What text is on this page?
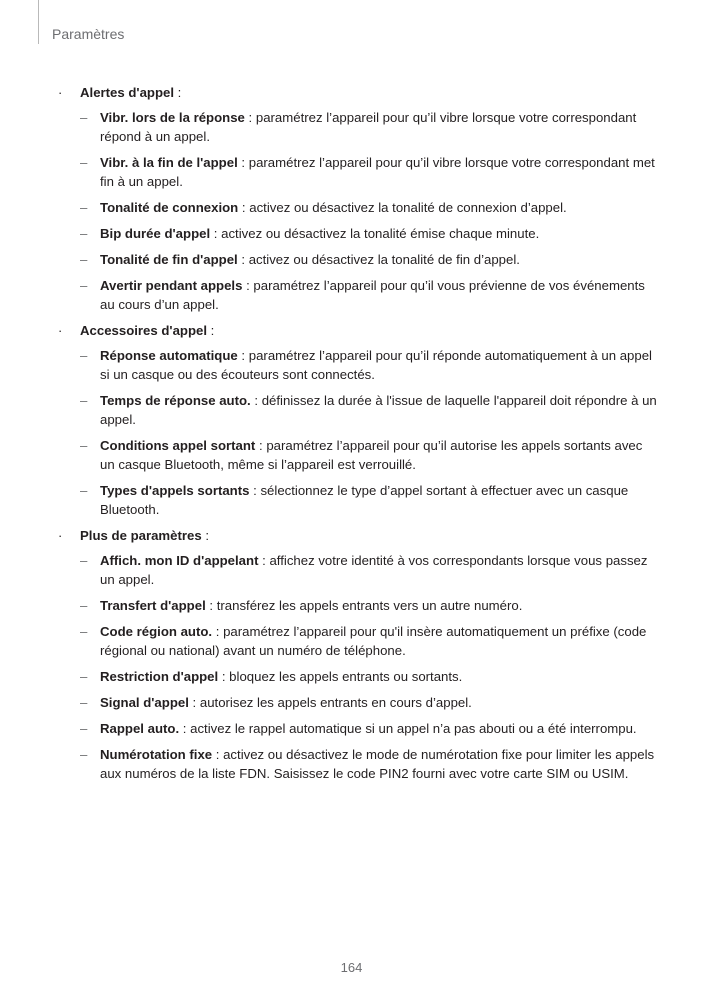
Paramètres
·	Alertes d'appel :
– Vibr. lors de la réponse : paramétrez l’appareil pour qu’il vibre lorsque votre correspondant répond à un appel.
– Vibr. à la fin de l'appel : paramétrez l’appareil pour qu’il vibre lorsque votre correspondant met fin à un appel.
– Tonalité de connexion : activez ou désactivez la tonalité de connexion d’appel.
– Bip durée d'appel : activez ou désactivez la tonalité émise chaque minute.
– Tonalité de fin d'appel : activez ou désactivez la tonalité de fin d’appel.
– Avertir pendant appels : paramétrez l’appareil pour qu’il vous prévienne de vos événements au cours d’un appel.
·	Accessoires d'appel :
– Réponse automatique : paramétrez l’appareil pour qu’il réponde automatiquement à un appel si un casque ou des écouteurs sont connectés.
– Temps de réponse auto. : définissez la durée à l'issue de laquelle l'appareil doit répondre à un appel.
– Conditions appel sortant : paramétrez l’appareil pour qu’il autorise les appels sortants avec un casque Bluetooth, même si l’appareil est verrouillé.
– Types d'appels sortants : sélectionnez le type d’appel sortant à effectuer avec un casque Bluetooth.
·	Plus de paramètres :
– Affich. mon ID d'appelant : affichez votre identité à vos correspondants lorsque vous passez un appel.
– Transfert d'appel : transférez les appels entrants vers un autre numéro.
– Code région auto. : paramétrez l’appareil pour qu'il insère automatiquement un préfixe (code régional ou national) avant un numéro de téléphone.
– Restriction d'appel : bloquez les appels entrants ou sortants.
– Signal d'appel : autorisez les appels entrants en cours d’appel.
– Rappel auto. : activez le rappel automatique si un appel n’a pas abouti ou a été interrompu.
– Numérotation fixe : activez ou désactivez le mode de numérotation fixe pour limiter les appels aux numéros de la liste FDN. Saisissez le code PIN2 fourni avec votre carte SIM ou USIM.
164
